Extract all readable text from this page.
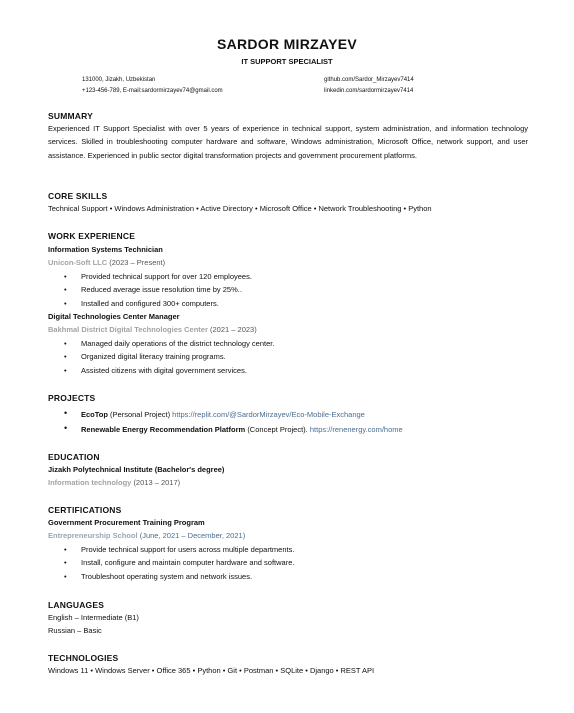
SARDOR MIRZAYEV
IT SUPPORT SPECIALIST
131000, Jizakh, Uzbekistan
+123-456-789, E-mail:sardormirzayev74@gmail.com
github.com/Sardor_Mirzayev7414
linkedin.com/sardormirzayev7414

SUMMARY

Experienced IT Support Specialist with over 5 years of experience in technical support, system administration, and information technology services. Skilled in troubleshooting computer hardware and software, Windows administration, Microsoft Office, network support, and user assistance. Experienced in public sector digital transformation projects and government procurement platforms.

CORE SKILLS

Technical Support • Windows Administration • Active Directory • Microsoft Office • Network Troubleshooting • Python

WORK EXPERIENCE

Information Systems Technician

Unicon-Soft LLC (2023 – Present)

• Provided technical support for over 120 employees.
• Reduced average issue resolution time by 25%..
• Installed and configured 300+ computers.

Digital Technologies Center Manager

Bakhmal District Digital Technologies Center (2021 – 2023)

• Managed daily operations of the district technology center.
• Organized digital literacy training programs.
• Assisted citizens with digital government services.

PROJECTS

• EcoTop (Personal Project) https://replit.com/@SardorMirzayev/Eco-Mobile-Exchange
• Renewable Energy Recommendation Platform (Concept Project). https://renenergy.com/home

EDUCATION

Jizakh Polytechnical Institute (Bachelor's degree)

Information technology (2013 – 2017)

CERTIFICATIONS

Government Procurement Training Program

Entrepreneurship School (June, 2021 – December, 2021)

• Provide technical support for users across multiple departments.
• Install, configure and maintain computer hardware and software.
• Troubleshoot operating system and network issues.

LANGUAGES

English – Intermediate (B1)

Russian – Basic

TECHNOLOGIES

Windows 11 • Windows Server • Office 365 • Python • Git • Postman • SQLite • Django • REST API
